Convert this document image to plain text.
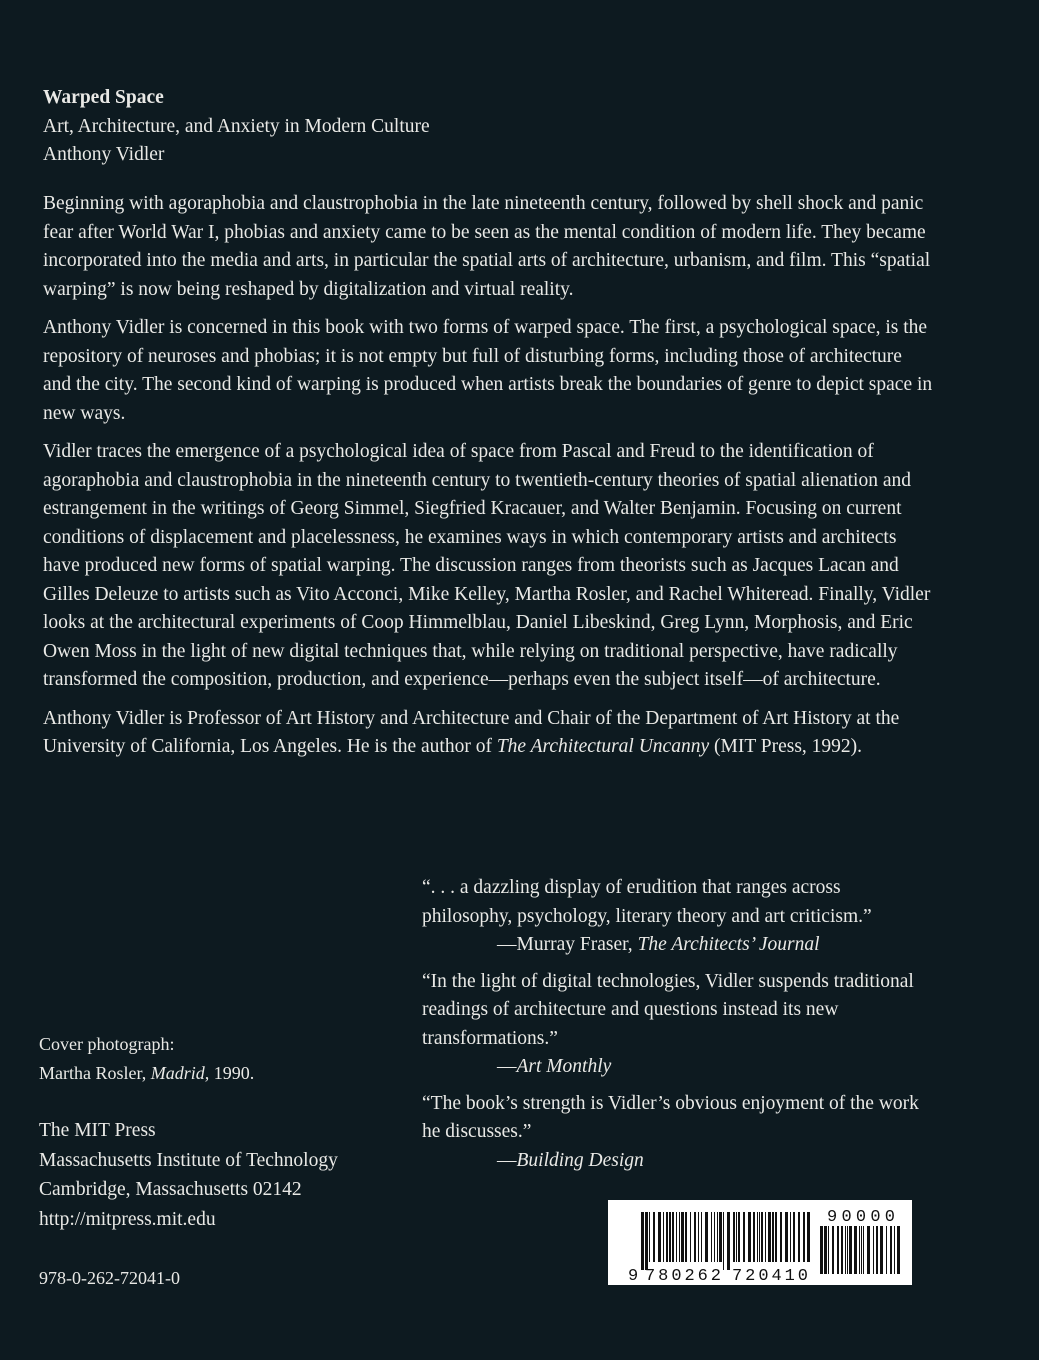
Warped Space
Art, Architecture, and Anxiety in Modern Culture
Anthony Vidler

Beginning with agoraphobia and claustrophobia in the late nineteenth century, followed by shell shock and panic fear after World War I, phobias and anxiety came to be seen as the mental condition of modern life. They became incorporated into the media and arts, in particular the spatial arts of architecture, urbanism, and film. This “spatial warping” is now being reshaped by digitalization and virtual reality.

Anthony Vidler is concerned in this book with two forms of warped space. The first, a psychological space, is the repository of neuroses and phobias; it is not empty but full of disturbing forms, including those of architecture and the city. The second kind of warping is produced when artists break the boundaries of genre to depict space in new ways.

Vidler traces the emergence of a psychological idea of space from Pascal and Freud to the identification of agoraphobia and claustrophobia in the nineteenth century to twentieth-century theories of spatial alienation and estrangement in the writings of Georg Simmel, Siegfried Kracauer, and Walter Benjamin. Focusing on current conditions of displacement and placelessness, he examines ways in which contemporary artists and architects have produced new forms of spatial warping. The discussion ranges from theorists such as Jacques Lacan and Gilles Deleuze to artists such as Vito Acconci, Mike Kelley, Martha Rosler, and Rachel Whiteread. Finally, Vidler looks at the architectural experiments of Coop Himmelblau, Daniel Libeskind, Greg Lynn, Morphosis, and Eric Owen Moss in the light of new digital techniques that, while relying on traditional perspective, have radically transformed the composition, production, and experience—perhaps even the subject itself—of architecture.

Anthony Vidler is Professor of Art History and Architecture and Chair of the Department of Art History at the University of California, Los Angeles. He is the author of The Architectural Uncanny (MIT Press, 1992).

“. . . a dazzling display of erudition that ranges across philosophy, psychology, literary theory and art criticism.”
—Murray Fraser, The Architects’ Journal
“In the light of digital technologies, Vidler suspends traditional readings of architecture and questions instead its new transformations.”
—Art Monthly
“The book’s strength is Vidler’s obvious enjoyment of the work he discusses.”
—Building Design
Cover photograph:
Martha Rosler, Madrid, 1990.
The MIT Press
Massachusetts Institute of Technology
Cambridge, Massachusetts 02142
http://mitpress.mit.edu
978-0-262-72041-0	9 780262 720410
90000
